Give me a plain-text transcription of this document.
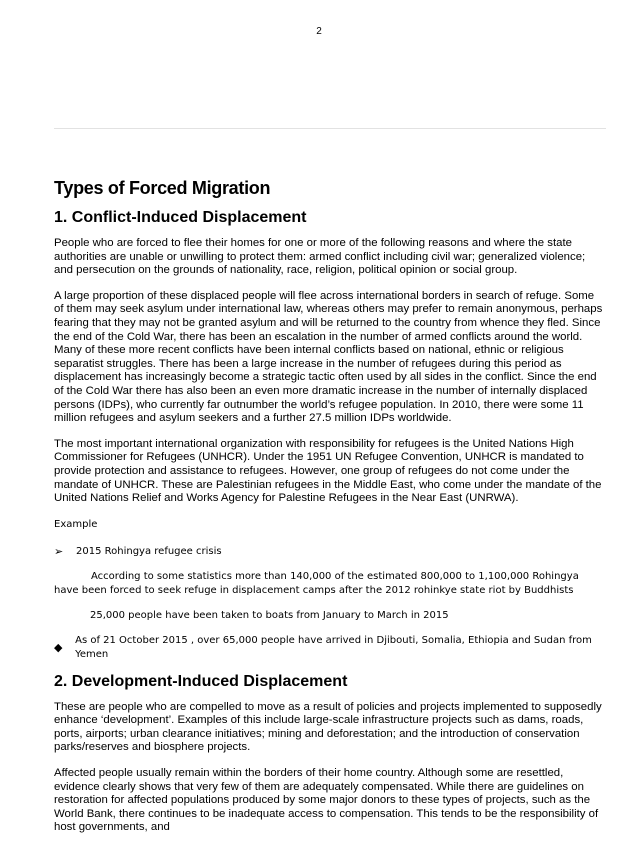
2
Types of Forced Migration
1. Conflict-Induced Displacement

People who are forced to flee their homes for one or more of the following reasons and where the state authorities are unable or unwilling to protect them: armed conflict including civil war; generalized violence; and persecution on the grounds of nationality, race, religion, political opinion or social group.

A large proportion of these displaced people will flee across international borders in search of refuge. Some of them may seek asylum under international law, whereas others may prefer to remain anonymous, perhaps fearing that they may not be granted asylum and will be returned to the country from whence they fled. Since the end of the Cold War, there has been an escalation in the number of armed conflicts around the world. Many of these more recent conflicts have been internal conflicts based on national, ethnic or religious separatist struggles. There has been a large increase in the number of refugees during this period as displacement has increasingly become a strategic tactic often used by all sides in the conflict. Since the end of the Cold War there has also been an even more dramatic increase in the number of internally displaced persons (IDPs), who currently far outnumber the world’s refugee population. In 2010, there were some 11 million refugees and asylum seekers and a further 27.5 million IDPs worldwide.

The most important international organization with responsibility for refugees is the United Nations High Commissioner for Refugees (UNHCR). Under the 1951 UN Refugee Convention, UNHCR is mandated to provide protection and assistance to refugees. However, one group of refugees do not come under the mandate of UNHCR. These are Palestinian refugees in the Middle East, who come under the mandate of the United Nations Relief and Works Agency for Palestine Refugees in the Near East (UNRWA).

Example
➢	2015 Rohingya refugee crisis
According to some statistics more than 140,000 of the estimated 800,000 to 1,100,000 Rohingya have been forced to seek refuge in displacement camps after the 2012 rohinkye state riot by Buddhists
25,000 people have been taken to boats from January to March in 2015
◆
As of 21 October 2015 , over 65,000 people have arrived in Djibouti, Somalia, Ethiopia and Sudan from Yemen
2. Development-Induced Displacement

These are people who are compelled to move as a result of policies and projects implemented to supposedly enhance ‘development’. Examples of this include large-scale infrastructure projects such as dams, roads, ports, airports; urban clearance initiatives; mining and deforestation; and the introduction of conservation parks/reserves and biosphere projects.

Affected people usually remain within the borders of their home country. Although some are resettled, evidence clearly shows that very few of them are adequately compensated. While there are guidelines on restoration for affected populations produced by some major donors to these types of projects, such as the World Bank, there continues to be inadequate access to compensation. This tends to be the responsibility of host governments, and
